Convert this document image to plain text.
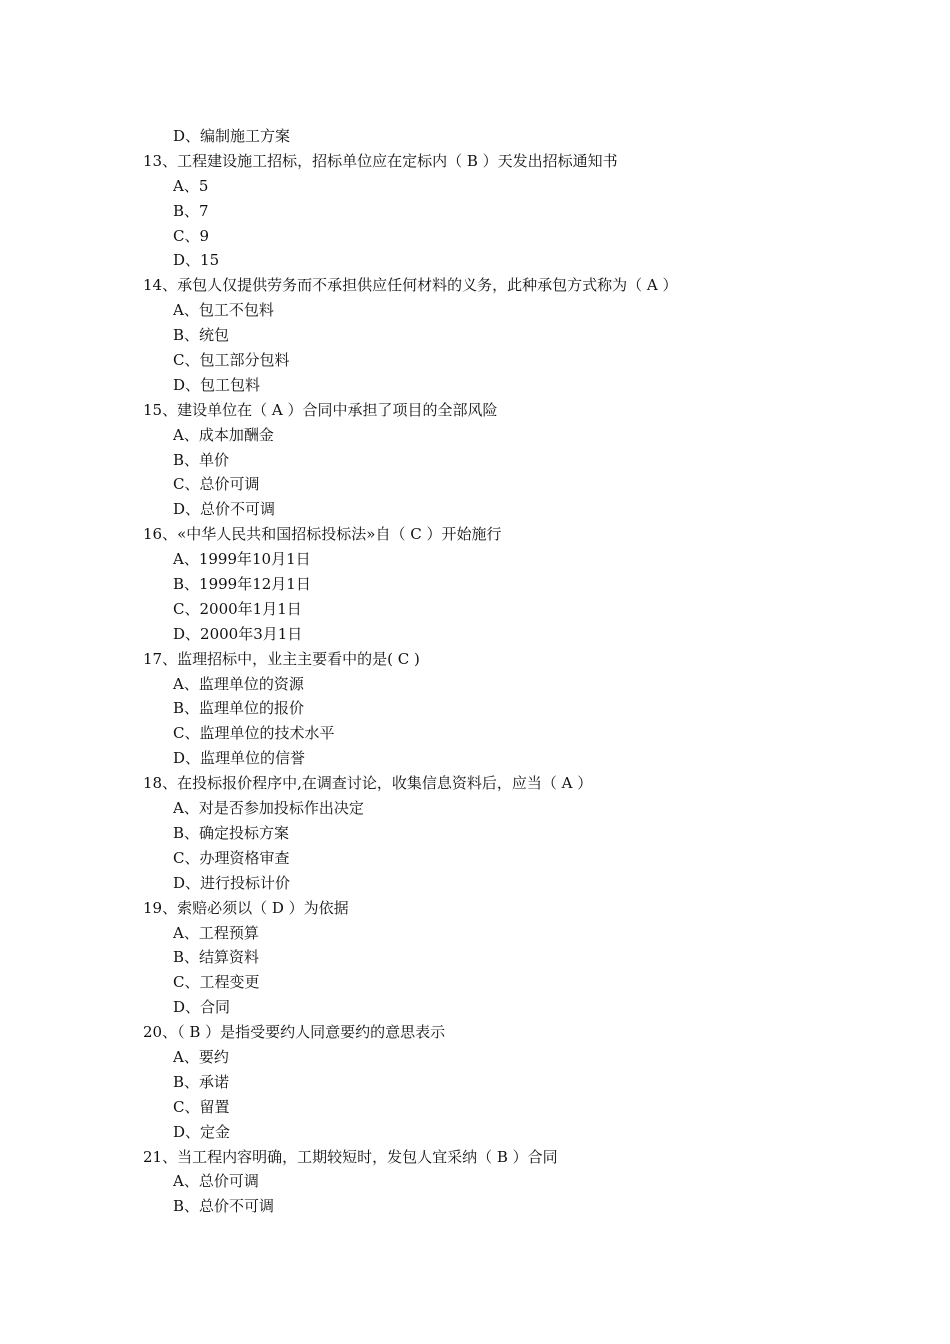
D、编制施工方案
13、工程建设施工招标，招标单位应在定标内（ B ）天发出招标通知书
A、5
B、7
C、9
D、15
14、承包人仅提供劳务而不承担供应任何材料的义务，此种承包方式称为（ A ）
A、包工不包料
B、统包
C、包工部分包料
D、包工包料
15、建设单位在（ A ）合同中承担了项目的全部风险
A、成本加酬金
B、单价
C、总价可调
D、总价不可调
16、«中华人民共和国招标投标法»自（ C ）开始施行
A、1999年10月1日
B、1999年12月1日
C、2000年1月1日
D、2000年3月1日
17、监理招标中，业主主要看中的是( C )
A、监理单位的资源
B、监理单位的报价
C、监理单位的技术水平
D、监理单位的信誉
18、在投标报价程序中,在调查讨论，收集信息资料后，应当（ A ）
A、对是否参加投标作出决定
B、确定投标方案
C、办理资格审查
D、进行投标计价
19、索赔必须以（ D ）为依据
A、工程预算
B、结算资料
C、工程变更
D、合同
20、（ B ）是指受要约人同意要约的意思表示
A、要约
B、承诺
C、留置
D、定金
21、当工程内容明确，工期较短时，发包人宜采纳（ B ）合同
A、总价可调
B、总价不可调
